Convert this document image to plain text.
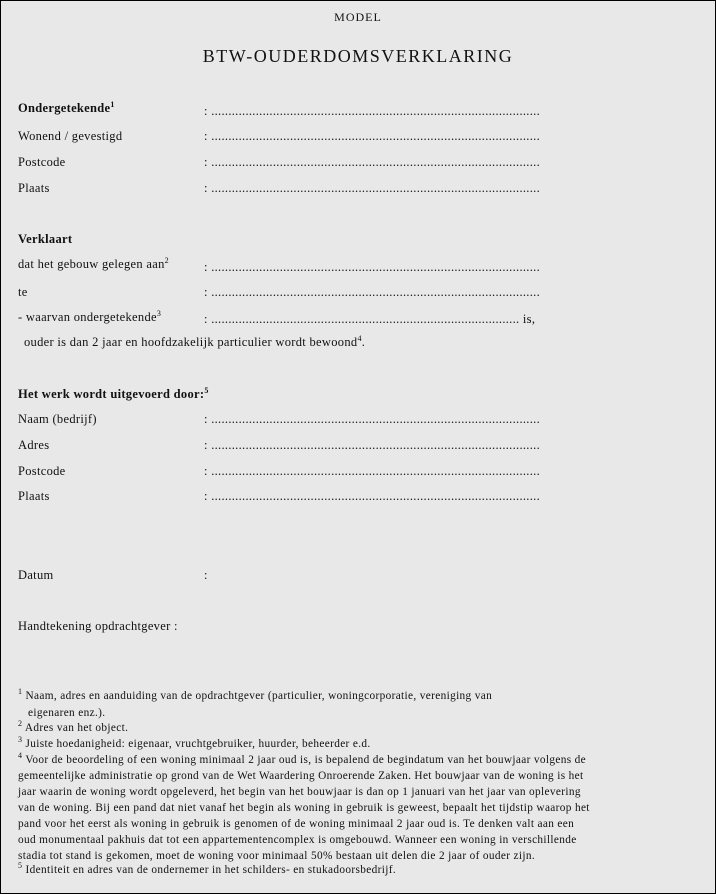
MODEL
BTW-OUDERDOMSVERKLARING
Ondergetekende$^1$	: ................................................................................................
Wonend / gevestigd	: ................................................................................................
Postcode	: ................................................................................................
Plaats	: ................................................................................................
Verklaart
dat het gebouw gelegen aan$^2$	: ................................................................................................
te	: ................................................................................................
- waarvan ondergetekende$^3$	: .......................................................................................... is,
ouder is dan 2 jaar en hoofdzakelijk particulier wordt bewoond$^4$.
Het werk wordt uitgevoerd door:$^5$
Naam (bedrijf)	: ................................................................................................
Adres	: ................................................................................................
Postcode	: ................................................................................................
Plaats	: ................................................................................................
Datum	:
Handtekening opdrachtgever :
$^1$ Naam, adres en aanduiding van de opdrachtgever (particulier, woningcorporatie, vereniging van
eigenaren enz.).
$^2$ Adres van het object.
$^3$ Juiste hoedanigheid: eigenaar, vruchtgebruiker, huurder, beheerder e.d.
$^4$ Voor de beoordeling of een woning minimaal 2 jaar oud is, is bepalend de begindatum van het bouwjaar volgens de
gemeentelijke administratie op grond van de Wet Waardering Onroerende Zaken. Het bouwjaar van de woning is het
jaar waarin de woning wordt opgeleverd, het begin van het bouwjaar is dan op 1 januari van het jaar van oplevering
van de woning. Bij een pand dat niet vanaf het begin als woning in gebruik is geweest, bepaalt het tijdstip waarop het
pand voor het eerst als woning in gebruik is genomen of de woning minimaal 2 jaar oud is. Te denken valt aan een
oud monumentaal pakhuis dat tot een appartementencomplex is omgebouwd. Wanneer een woning in verschillende
stadia tot stand is gekomen, moet de woning voor minimaal 50% bestaan uit delen die 2 jaar of ouder zijn.
$^5$ Identiteit en adres van de ondernemer in het schilders- en stukadoorsbedrijf.
